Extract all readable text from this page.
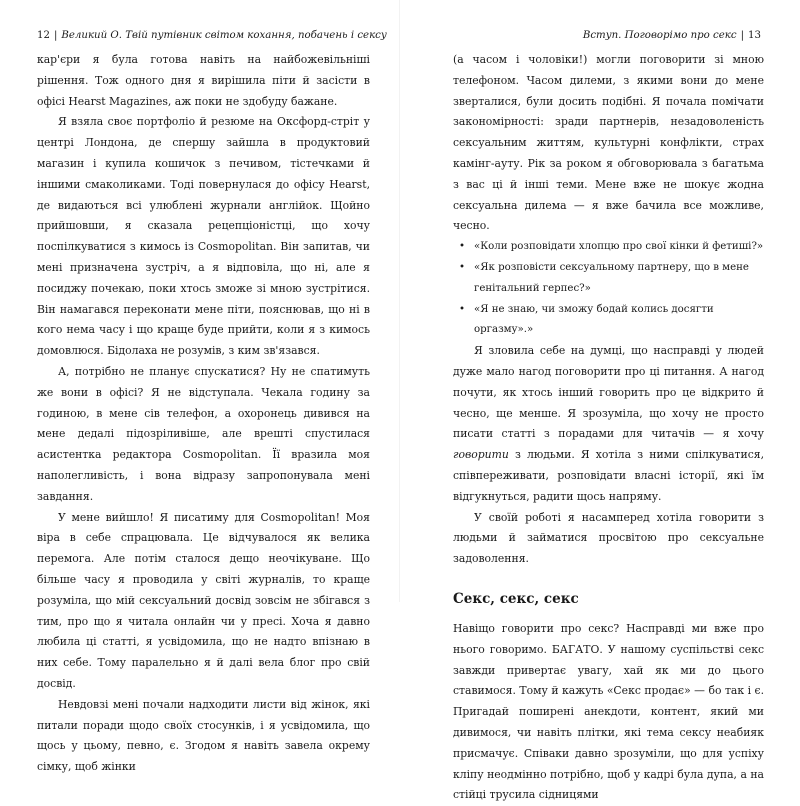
12 | Великий О. Твій путівник світом кохання, побачень і сексу

кар'єри я була готова навіть на найбожевільніші рішення. Тож одного дня я вирішила піти й засісти в офісі Hearst Magazines, аж поки не здобуду бажане.

Я взяла своє портфоліо й резюме на Оксфорд-стріт у центрі Лондона, де спершу зайшла в продуктовий магазин і купила кошичок з печивом, тістечками й іншими смаколиками. Тоді повернулася до офісу Hearst, де видаються всі улюблені журнали англійок. Щойно прийшовши, я сказала рецепціоністці, що хочу поспілкуватися з кимось із Cosmopolitan. Він запитав, чи мені призначена зустріч, а я відповіла, що ні, але я посиджу почекаю, поки хтось зможе зі мною зустрітися. Він намагався переконати мене піти, пояснював, що ні в кого нема часу і що краще буде прийти, коли я з кимось домовлюся. Бідолаха не розумів, з ким зв'язався.

А, потрібно не планує спускатися? Ну не спатимуть же вони в офісі? Я не відступала. Чекала годину за годиною, в мене сів телефон, а охоронець дивився на мене дедалі підозріливіше, але врешті спустилася асистентка редактора Cosmopolitan. Її вразила моя наполегливість, і вона відразу запропонувала мені завдання.

У мене вийшло! Я писатиму для Cosmopolitan! Моя віра в себе спрацювала. Це відчувалося як велика перемога. Але потім сталося дещо неочікуване. Що більше часу я проводила у світі журналів, то краще розуміла, що мій сексуальний досвід зовсім не збігався з тим, про що я читала онлайн чи у пресі. Хоча я давно любила ці статті, я усвідомила, що не надто впізнаю в них себе. Тому паралельно я й далі вела блог про свій досвід.

Невдовзі мені почали надходити листи від жінок, які питали поради щодо своїх стосунків, і я усвідомила, що щось у цьому, певно, є. Згодом я навіть завела окрему сімку, щоб жінки

Вступ. Поговорімо про секс | 13

(а часом і чоловіки!) могли поговорити зі мною телефоном. Часом дилеми, з якими вони до мене зверталися, були досить подібні. Я почала помічати закономірності: зради партнерів, незадоволеність сексуальним життям, культурні конфлікти, страх камінг-ауту. Рік за роком я обговорювала з багатьма з вас ці й інші теми. Мене вже не шокує жодна сексуальна дилема — я вже бачила все можливе, чесно.

• «Коли розповідати хлопцю про свої кінки й фетиші?»
• «Як розповісти сексуальному партнеру, що в мене генітальний герпес?»
• «Я не знаю, чи зможу бодай колись досягти оргазму».»

Я зловила себе на думці, що насправді у людей дуже мало нагод поговорити про ці питання. А нагод почути, як хтось інший говорить про це відкрито й чесно, ще менше. Я зрозуміла, що хочу не просто писати статті з порадами для читачів — я хочу говорити з людьми. Я хотіла з ними спілкуватися, співпереживати, розповідати власні історії, які їм відгукнуться, радити щось напряму.

У своїй роботі я насамперед хотіла говорити з людьми й займатися просвітою про сексуальне задоволення.

Секс, секс, секс

Навіщо говорити про секс? Насправді ми вже про нього говоримо. БАГАТО. У нашому суспільстві секс завжди привертає увагу, хай як ми до цього ставимося. Тому й кажуть «Секс продає» — бо так і є. Пригадай поширені анекдоти, контент, який ми дивимося, чи навіть плітки, які тема сексу неабияк присмачує. Співаки давно зрозуміли, що для успіху кліпу неодмінно потрібно, щоб у кадрі була дупа, а на стійці трусила сідницями
